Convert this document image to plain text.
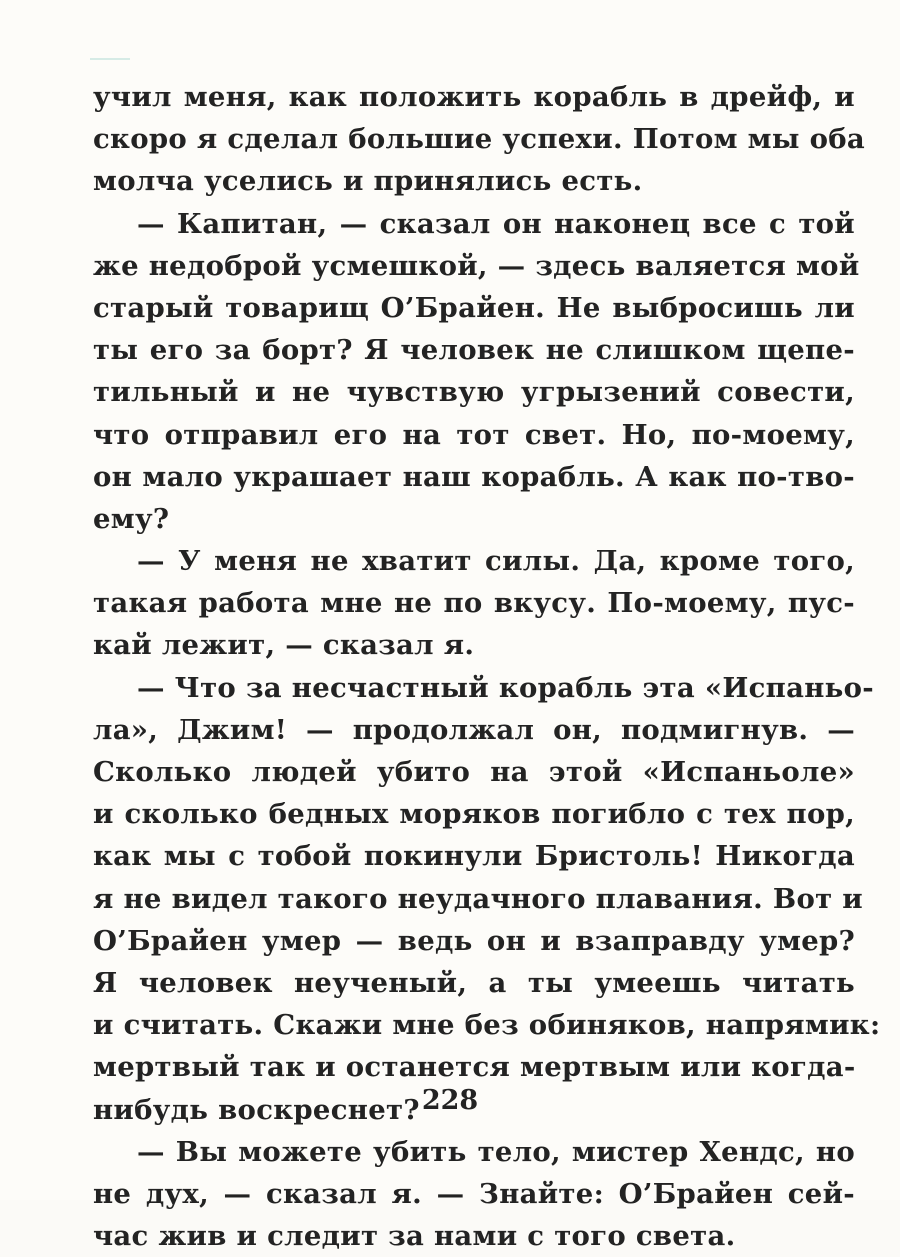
учил меня, как положить корабль в дрейф, и
скоро я сделал большие успехи. Потом мы оба
молча уселись и принялись есть.
— Капитан, — сказал он наконец все с той
же недоброй усмешкой, — здесь валяется мой
старый товарищ О’Брайен. Не выбросишь ли
ты его за борт? Я человек не слишком щепе-
тильный и не чувствую угрызений совести,
что отправил его на тот свет. Но, по-моему,
он мало украшает наш корабль. А как по-тво-
ему?
— У меня не хватит силы. Да, кроме того,
такая работа мне не по вкусу. По-моему, пус-
кай лежит, — сказал я.
— Что за несчастный корабль эта «Испаньо-
ла», Джим! — продолжал он, подмигнув. —
Сколько людей убито на этой «Испаньоле»
и сколько бедных моряков погибло с тех пор,
как мы с тобой покинули Бристоль! Никогда
я не видел такого неудачного плавания. Вот и
О’Брайен умер — ведь он и взаправду умер?
Я человек неученый, а ты умеешь читать
и считать. Скажи мне без обиняков, напрямик:
мертвый так и останется мертвым или когда-
нибудь воскреснет?
— Вы можете убить тело, мистер Хендс, но
не дух, — сказал я. — Знайте: О’Брайен сей-
час жив и следит за нами с того света.
228
